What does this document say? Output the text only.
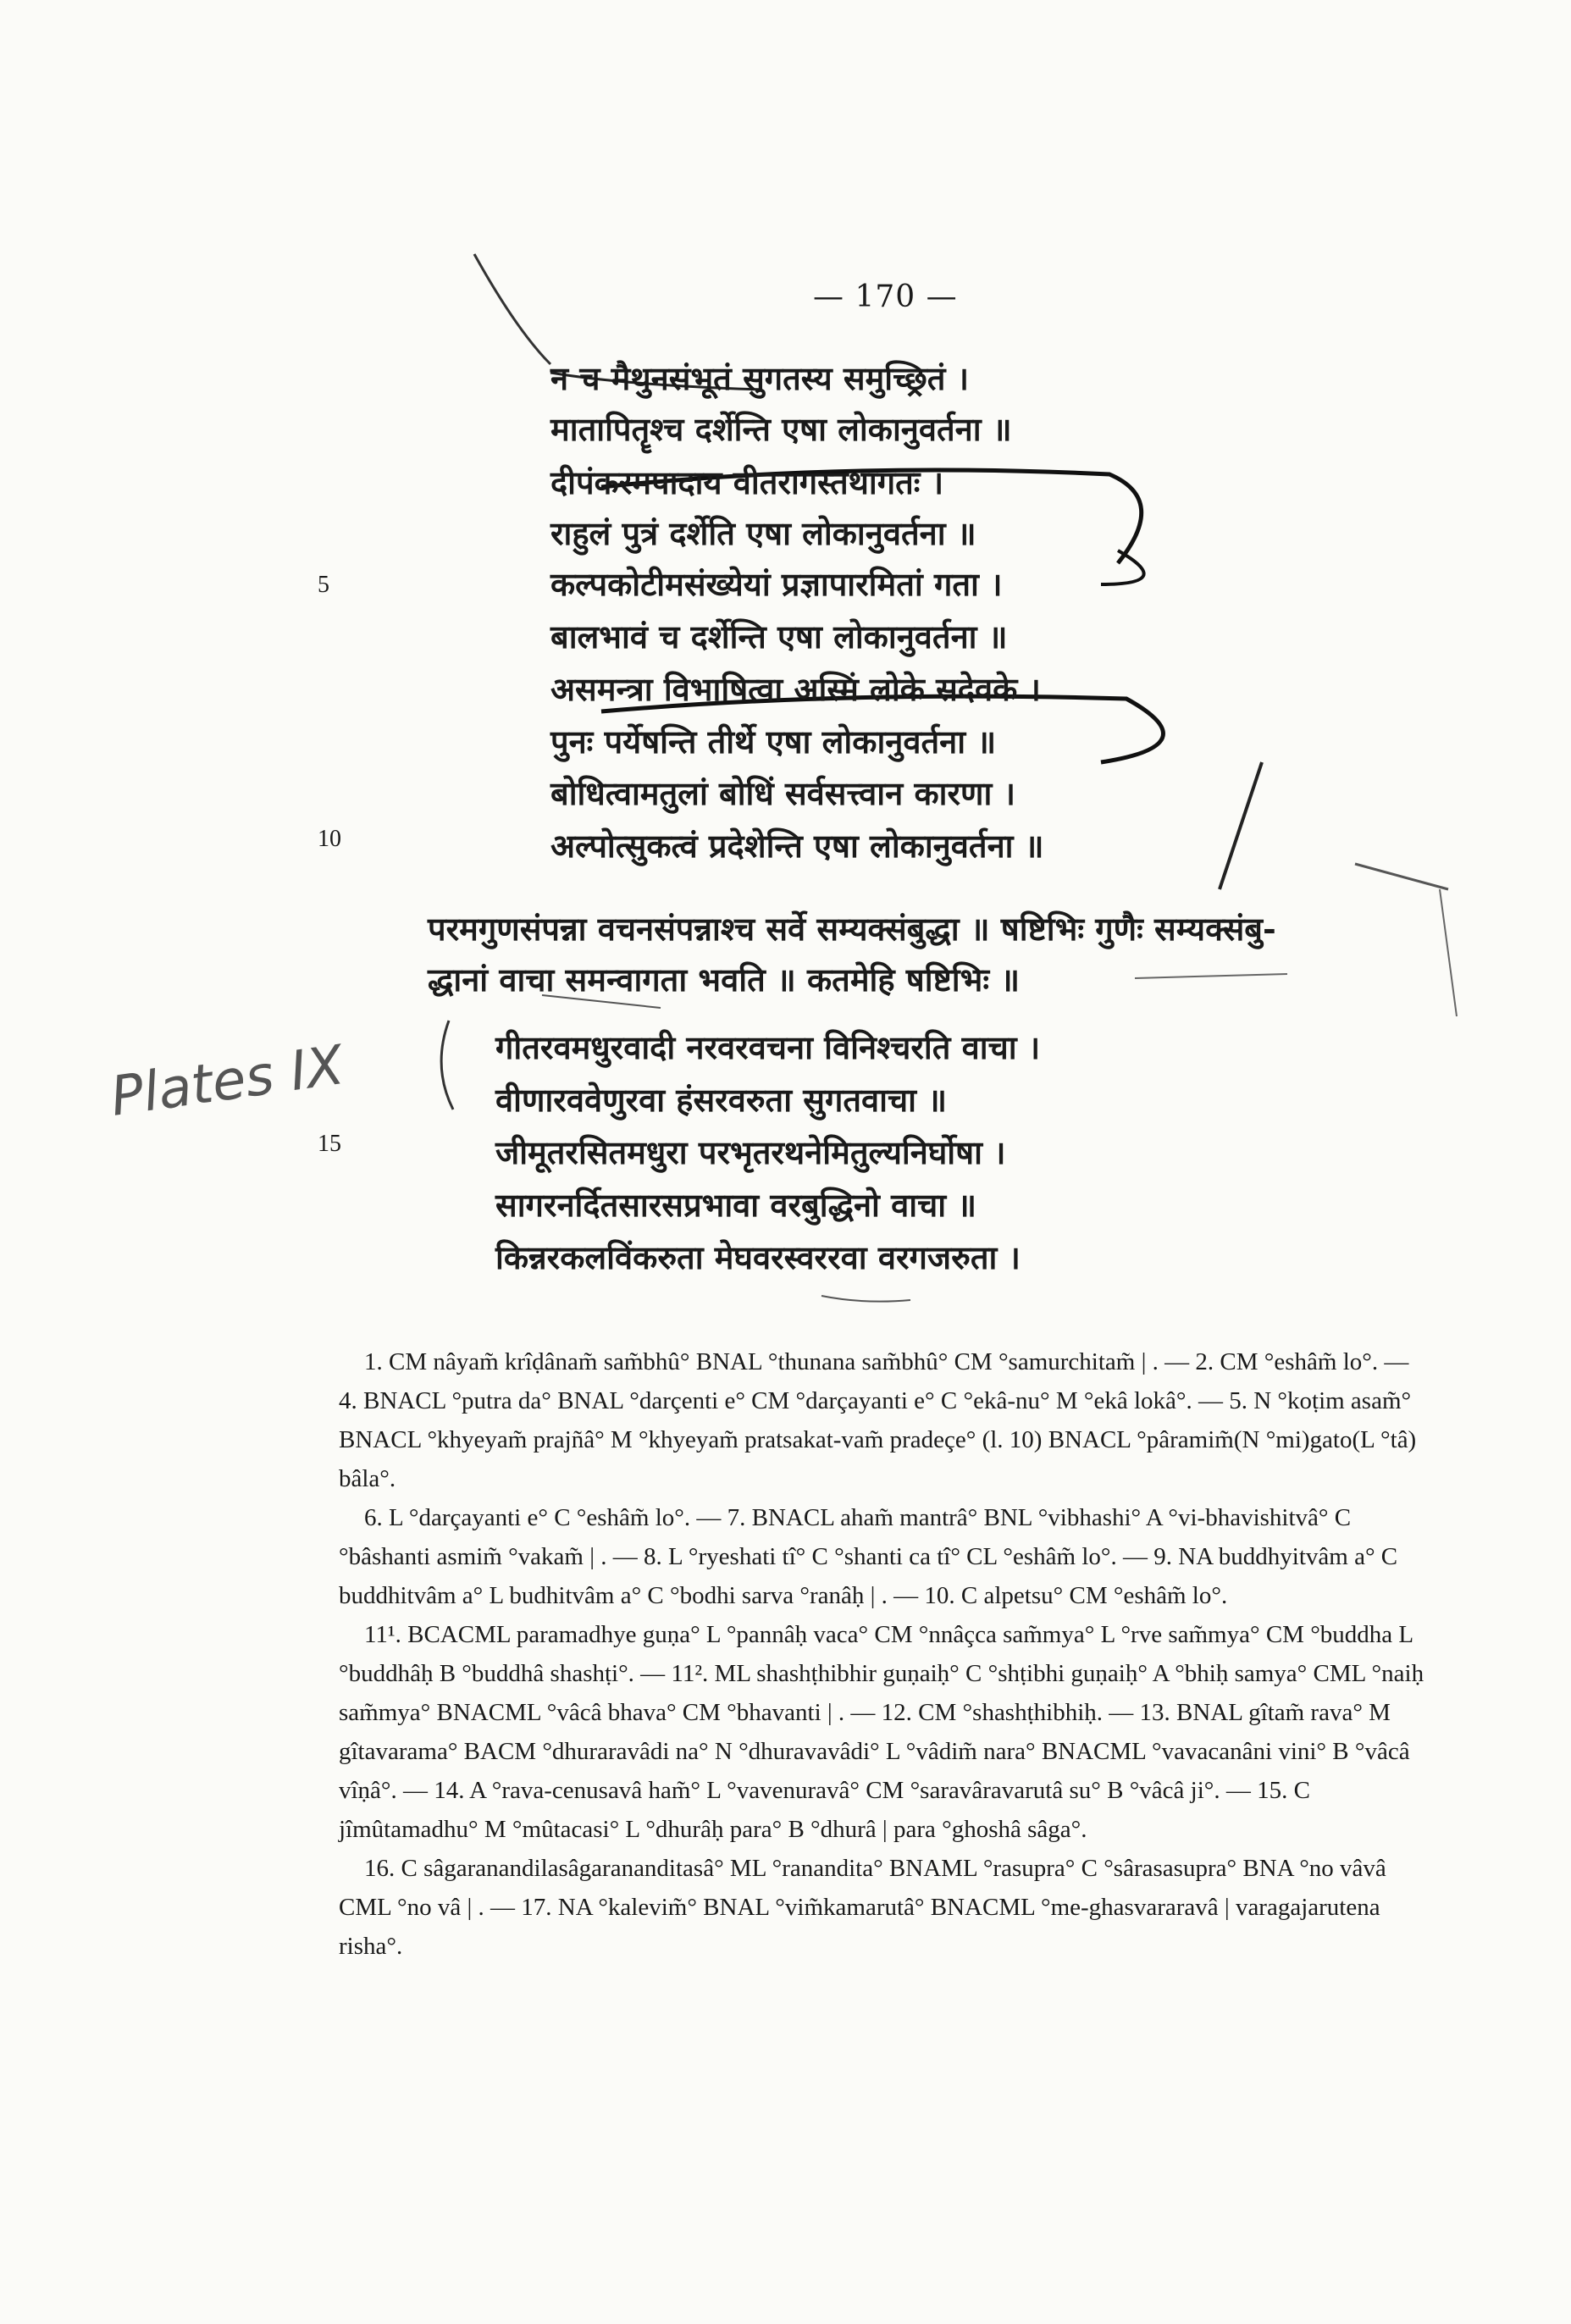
— 170 —
Plates IX
न च मैथुनसंभूतं सुगतस्य समुच्छ्रितं ।
मातापितॄश्च दर्शेन्ति एषा लोकानुवर्तना ॥
दीपंकरमपादाय वीतरागस्तथागतः ।
राहुलं पुत्रं दर्शेति एषा लोकानुवर्तना ॥
कल्पकोटीमसंख्येयां प्रज्ञापारमितां गता ।
बालभावं च दर्शेन्ति एषा लोकानुवर्तना ॥
असमन्त्रा विभाषित्वा अस्मिं लोके सदेवके ।
पुनः पर्येषन्ति तीर्थे एषा लोकानुवर्तना ॥
बोधित्वामतुलां बोधिं सर्वसत्त्वान कारणा ।
अल्पोत्सुकत्वं प्रदेशेन्ति एषा लोकानुवर्तना ॥
5
10
15
परमगुणसंपन्ना वचनसंपन्नाश्च सर्वे सम्यक्संबुद्धा ॥ षष्टिभिः गुणैः सम्यक्संबु-
द्धानां वाचा समन्वागता भवति ॥ कतमेहि षष्टिभिः ॥
गीतरवमधुरवादी नरवरवचना विनिश्चरति वाचा ।
वीणारववेणुरवा हंसरवरुता सुगतवाचा ॥
जीमूतरसितमधुरा परभृतरथनेमितुल्यनिर्घोषा ।
सागरनर्दितसारसप्रभावा वरबुद्धिनो वाचा ॥
किन्नरकलविंकरुता मेघवरस्वररवा वरगजरुता ।

1. CM nâyam̃ krîḍânam̃ sam̃bhû° BNAL °thunana sam̃bhû° CM °samurchitam̃ | . — 2. CM °eshâm̃ lo°. — 4. BNACL °putra da° BNAL °darçenti e° CM °darçayanti e° C °ekâ-nu° M °ekâ lokâ°. — 5. N °koṭim asam̃° BNACL °khyeyam̃ prajñâ° M °khyeyam̃ pratsakat-vam̃ pradeçe° (l. 10) BNACL °pâramim̃(N °mi)gato(L °tâ) bâla°.

6. L °darçayanti e° C °eshâm̃ lo°. — 7. BNACL aham̃ mantrâ° BNL °vibhashi° A °vi-bhavishitvâ° C °bâshanti asmim̃ °vakam̃ | . — 8. L °ryeshati tî° C °shanti ca tî° CL °eshâm̃ lo°. — 9. NA buddhyitvâm a° C buddhitvâm a° L budhitvâm a° C °bodhi sarva °ranâḥ | . — 10. C alpetsu° CM °eshâm̃ lo°.

11¹. BCACML paramadhye guṇa° L °pannâḥ vaca° CM °nnâçca sam̃mya° L °rve sam̃mya° CM °buddha L °buddhâḥ B °buddhâ shashṭi°. — 11². ML shashṭhibhir guṇaiḥ° C °shṭibhi guṇaiḥ° A °bhiḥ samya° CML °naiḥ sam̃mya° BNACML °vâcâ bhava° CM °bhavanti | . — 12. CM °shashṭhibhiḥ. — 13. BNAL gîtam̃ rava° M gîtavarama° BACM °dhuraravâdi na° N °dhuravavâdi° L °vâdim̃ nara° BNACML °vavacanâni vini° B °vâcâ vîṇâ°. — 14. A °rava-cenusavâ ham̃° L °vavenuravâ° CM °saravâravarutâ su° B °vâcâ ji°. — 15. C jîmûtamadhu° M °mûtacasi° L °dhurâḥ para° B °dhurâ | para °ghoshâ sâga°.

16. C sâgaranandilasâgarananditasâ° ML °ranandita° BNAML °rasupra° C °sârasasupra° BNA °no vâvâ CML °no vâ | . — 17. NA °kalevim̃° BNAL °vim̃kamarutâ° BNACML °me-ghasvararavâ | varagajarutena risha°.
